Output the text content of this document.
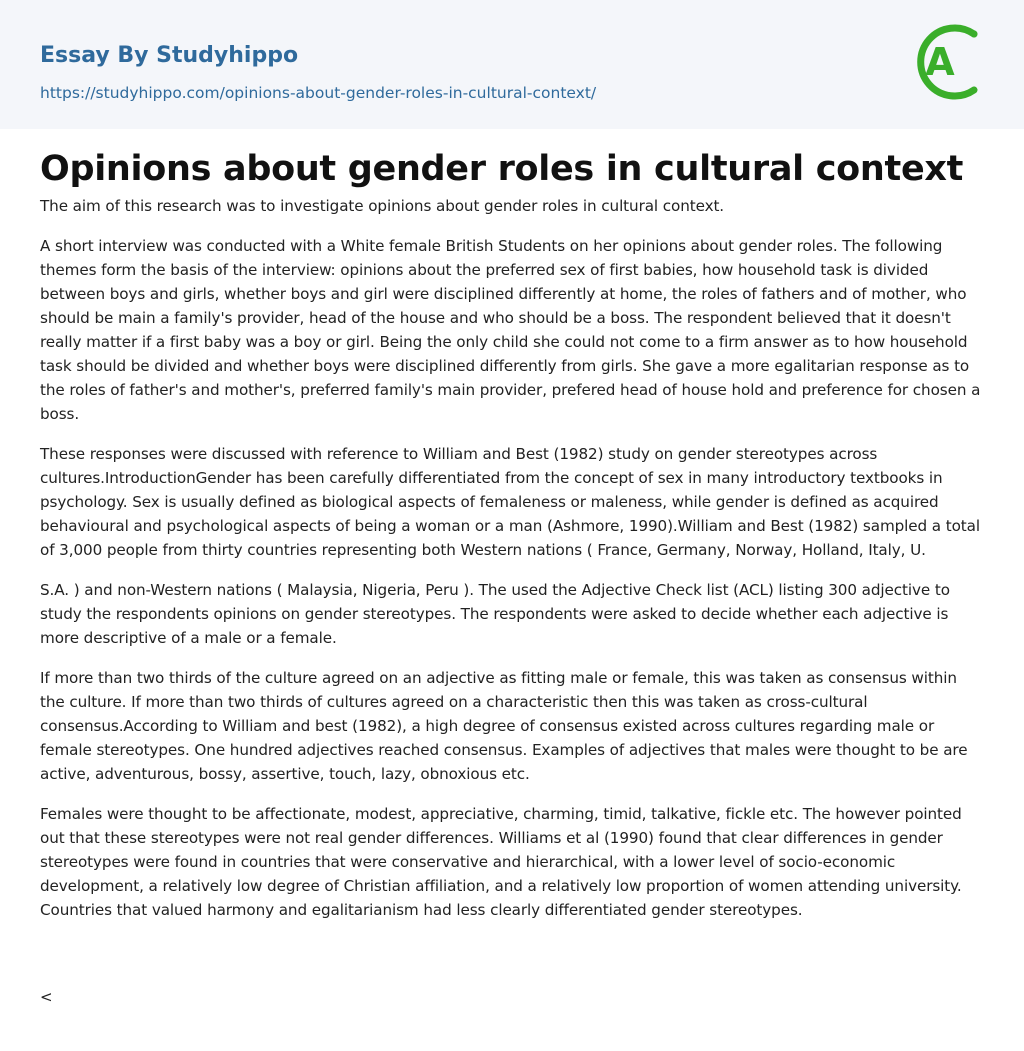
Essay By Studyhippo
https://studyhippo.com/opinions-about-gender-roles-in-cultural-context/
A
Opinions about gender roles in cultural context

The aim of this research was to investigate opinions about gender roles in cultural context.

A short interview was conducted with a White female British Students on her opinions about gender roles. The following themes form the basis of the interview: opinions about the preferred sex of first babies, how household task is divided between boys and girls, whether boys and girl were disciplined differently at home, the roles of fathers and of mother, who should be main a family's provider, head of the house and who should be a boss. The respondent believed that it doesn't really matter if a first baby was a boy or girl. Being the only child she could not come to a firm answer as to how household task should be divided and whether boys were disciplined differently from girls. She gave a more egalitarian response as to the roles of father's and mother's, preferred family's main provider, prefered head of house hold and preference for chosen a boss.

These responses were discussed with reference to William and Best (1982) study on gender stereotypes across cultures.IntroductionGender has been carefully differentiated from the concept of sex in many introductory textbooks in psychology. Sex is usually defined as biological aspects of femaleness or maleness, while gender is defined as acquired behavioural and psychological aspects of being a woman or a man (Ashmore, 1990).William and Best (1982) sampled a total of 3,000 people from thirty countries representing both Western nations ( France, Germany, Norway, Holland, Italy, U.

S.A. ) and non-Western nations ( Malaysia, Nigeria, Peru ). The used the Adjective Check list (ACL) listing 300 adjective to study the respondents opinions on gender stereotypes. The respondents were asked to decide whether each adjective is more descriptive of a male or a female.

If more than two thirds of the culture agreed on an adjective as fitting male or female, this was taken as consensus within the culture. If more than two thirds of cultures agreed on a characteristic then this was taken as cross-cultural consensus.According to William and best (1982), a high degree of consensus existed across cultures regarding male or female stereotypes. One hundred adjectives reached consensus. Examples of adjectives that males were thought to be are active, adventurous, bossy, assertive, touch, lazy, obnoxious etc.

Females were thought to be affectionate, modest, appreciative, charming, timid, talkative, fickle etc. The however pointed out that these stereotypes were not real gender differences. Williams et al (1990) found that clear differences in gender stereotypes were found in countries that were conservative and hierarchical, with a lower level of socio-economic development, a relatively low degree of Christian affiliation, and a relatively low proportion of women attending university. Countries that valued harmony and egalitarianism had less clearly differentiated gender stereotypes.

<
